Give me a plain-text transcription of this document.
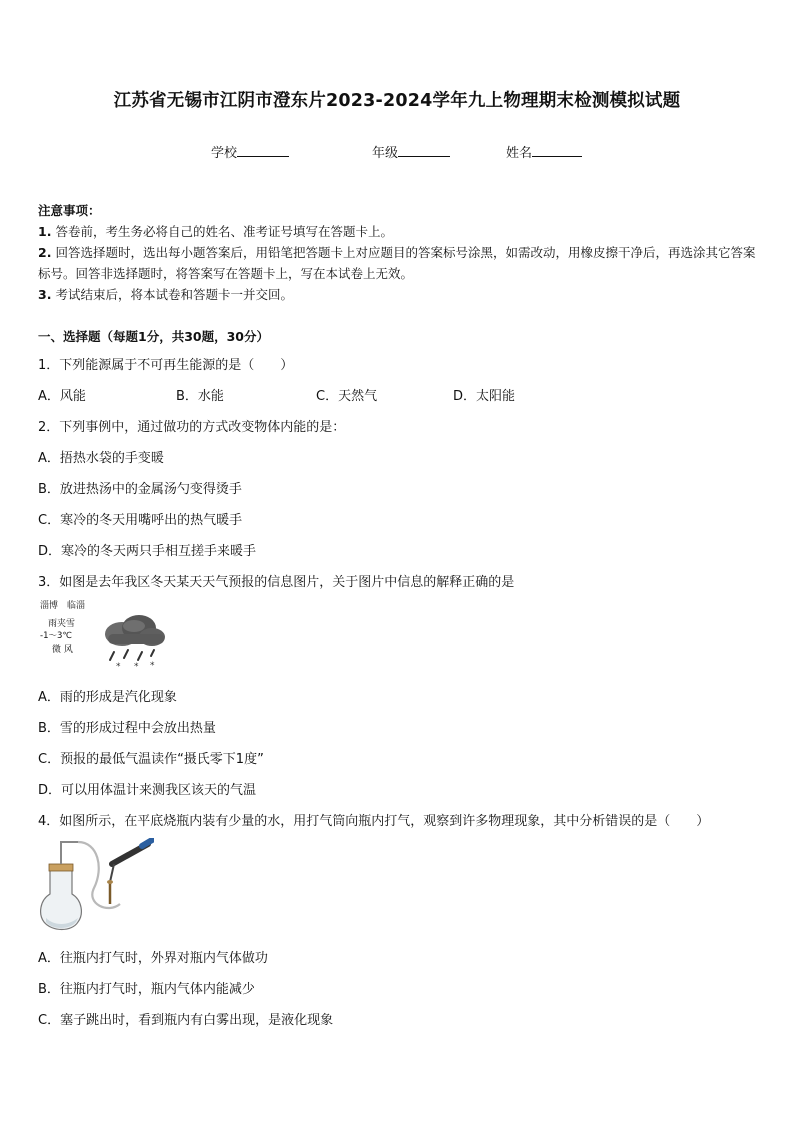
江苏省无锡市江阴市澄东片2023-2024学年九上物理期末检测模拟试题
学校	年级	姓名
注意事项：
1. 答卷前，考生务必将自己的姓名、准考证号填写在答题卡上。
2. 回答选择题时，选出每小题答案后，用铅笔把答题卡上对应题目的答案标号涂黑，如需改动，用橡皮擦干净后，再选涂其它答案标号。回答非选择题时，将答案写在答题卡上，写在本试卷上无效。
3. 考试结束后，将本试卷和答题卡一并交回。
一、选择题（每题1分，共30题，30分）
1．下列能源属于不可再生能源的是（　　）
A．风能	B．水能	C．天然气	D．太阳能
2．下列事例中，通过做功的方式改变物体内能的是：
A．捂热水袋的手变暖
B．放进热汤中的金属汤勺变得烫手
C．寒冷的冬天用嘴呼出的热气暖手
D．寒冷的冬天两只手相互搓手来暖手
3．如图是去年我区冬天某天天气预报的信息图片，关于图片中信息的解释正确的是
淄博　临淄
雨夹雪
-1～3℃
微 风
* * *
A．雨的形成是汽化现象
B．雪的形成过程中会放出热量
C．预报的最低气温读作“摄氏零下1度”
D．可以用体温计来测我区该天的气温
4．如图所示，在平底烧瓶内装有少量的水，用打气筒向瓶内打气，观察到许多物理现象，其中分析错误的是（　　）
A．往瓶内打气时，外界对瓶内气体做功
B．往瓶内打气时，瓶内气体内能减少
C．塞子跳出时，看到瓶内有白雾出现，是液化现象
